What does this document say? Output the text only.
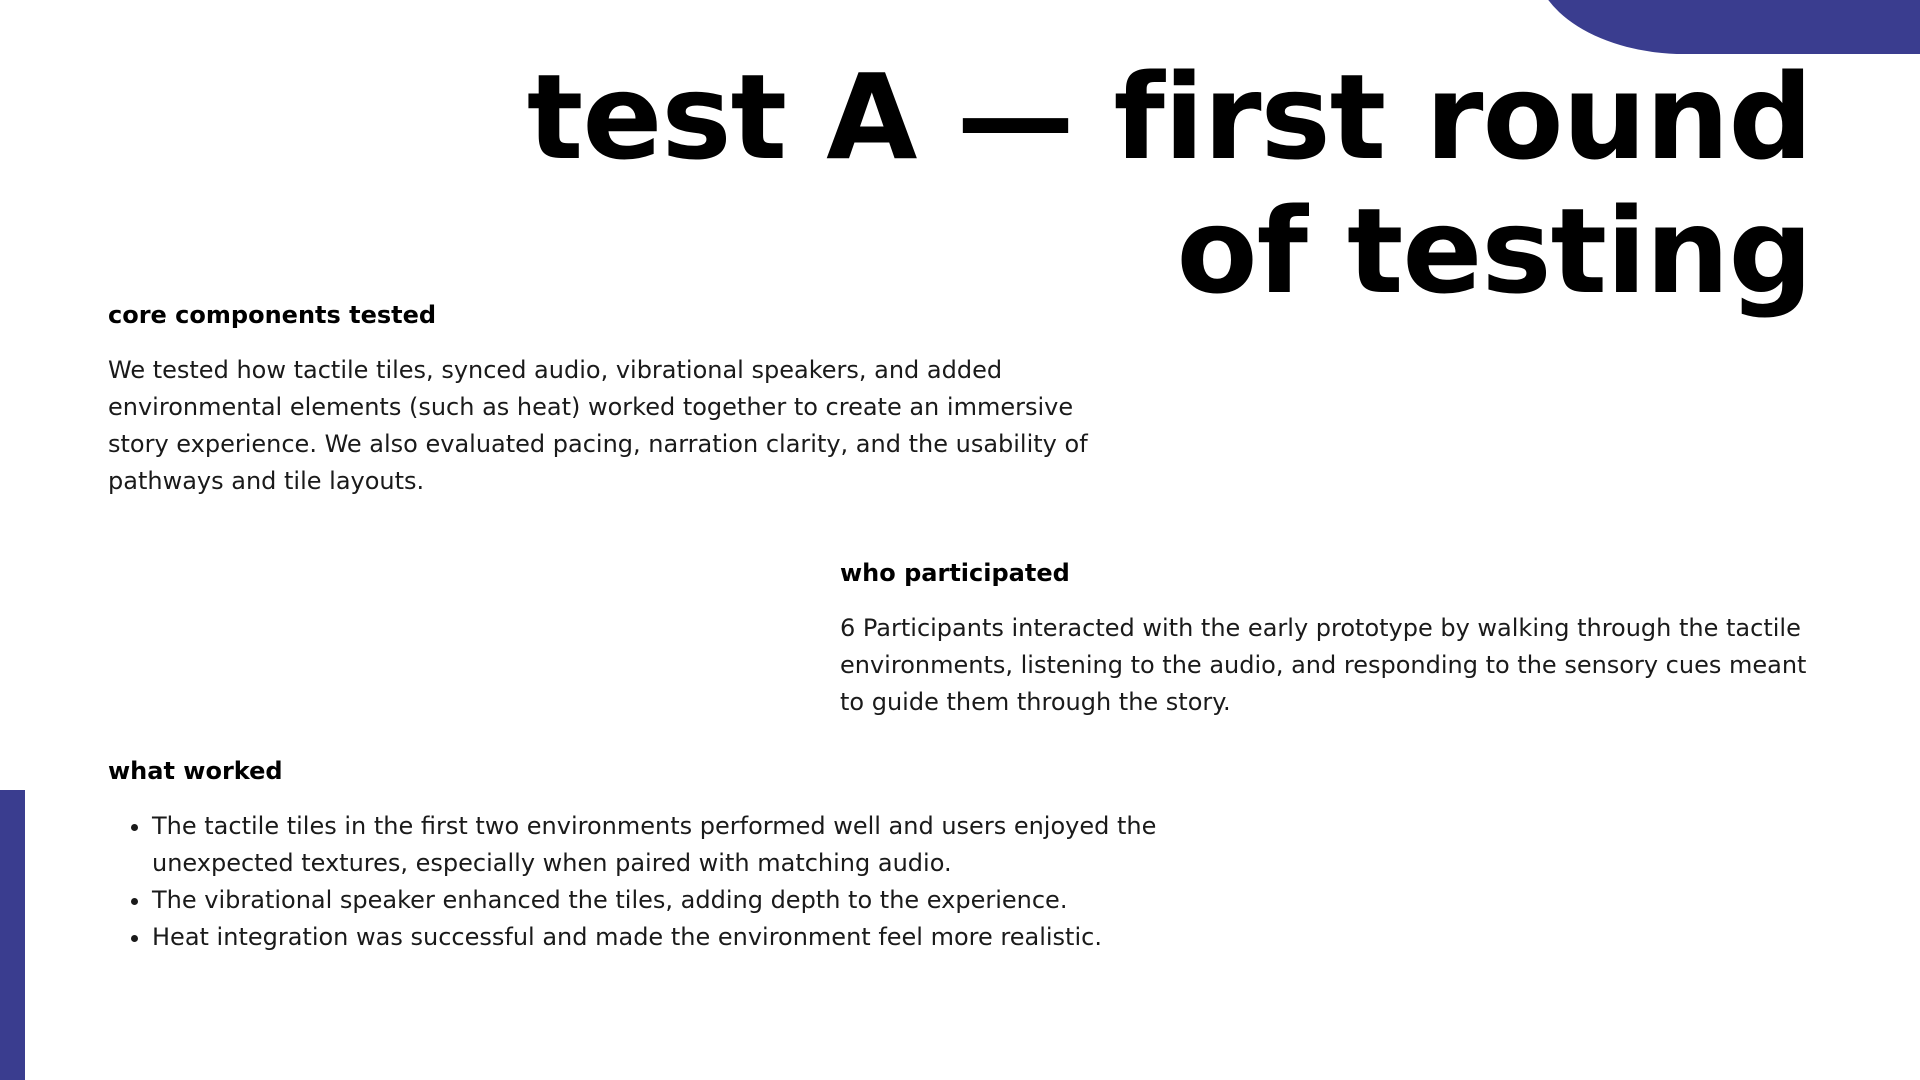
test A — first round of testing
core components tested

We tested how tactile tiles, synced audio, vibrational speakers, and added environmental elements (such as heat) worked together to create an immersive story experience. We also evaluated pacing, narration clarity, and the usability of pathways and tile layouts.

who participated

6 Participants interacted with the early prototype by walking through the tactile environments, listening to the audio, and responding to the sensory cues meant to guide them through the story.

what worked
• The tactile tiles in the first two environments performed well and users enjoyed the unexpected textures, especially when paired with matching audio.
• The vibrational speaker enhanced the tiles, adding depth to the experience.
• Heat integration was successful and made the environment feel more realistic.
